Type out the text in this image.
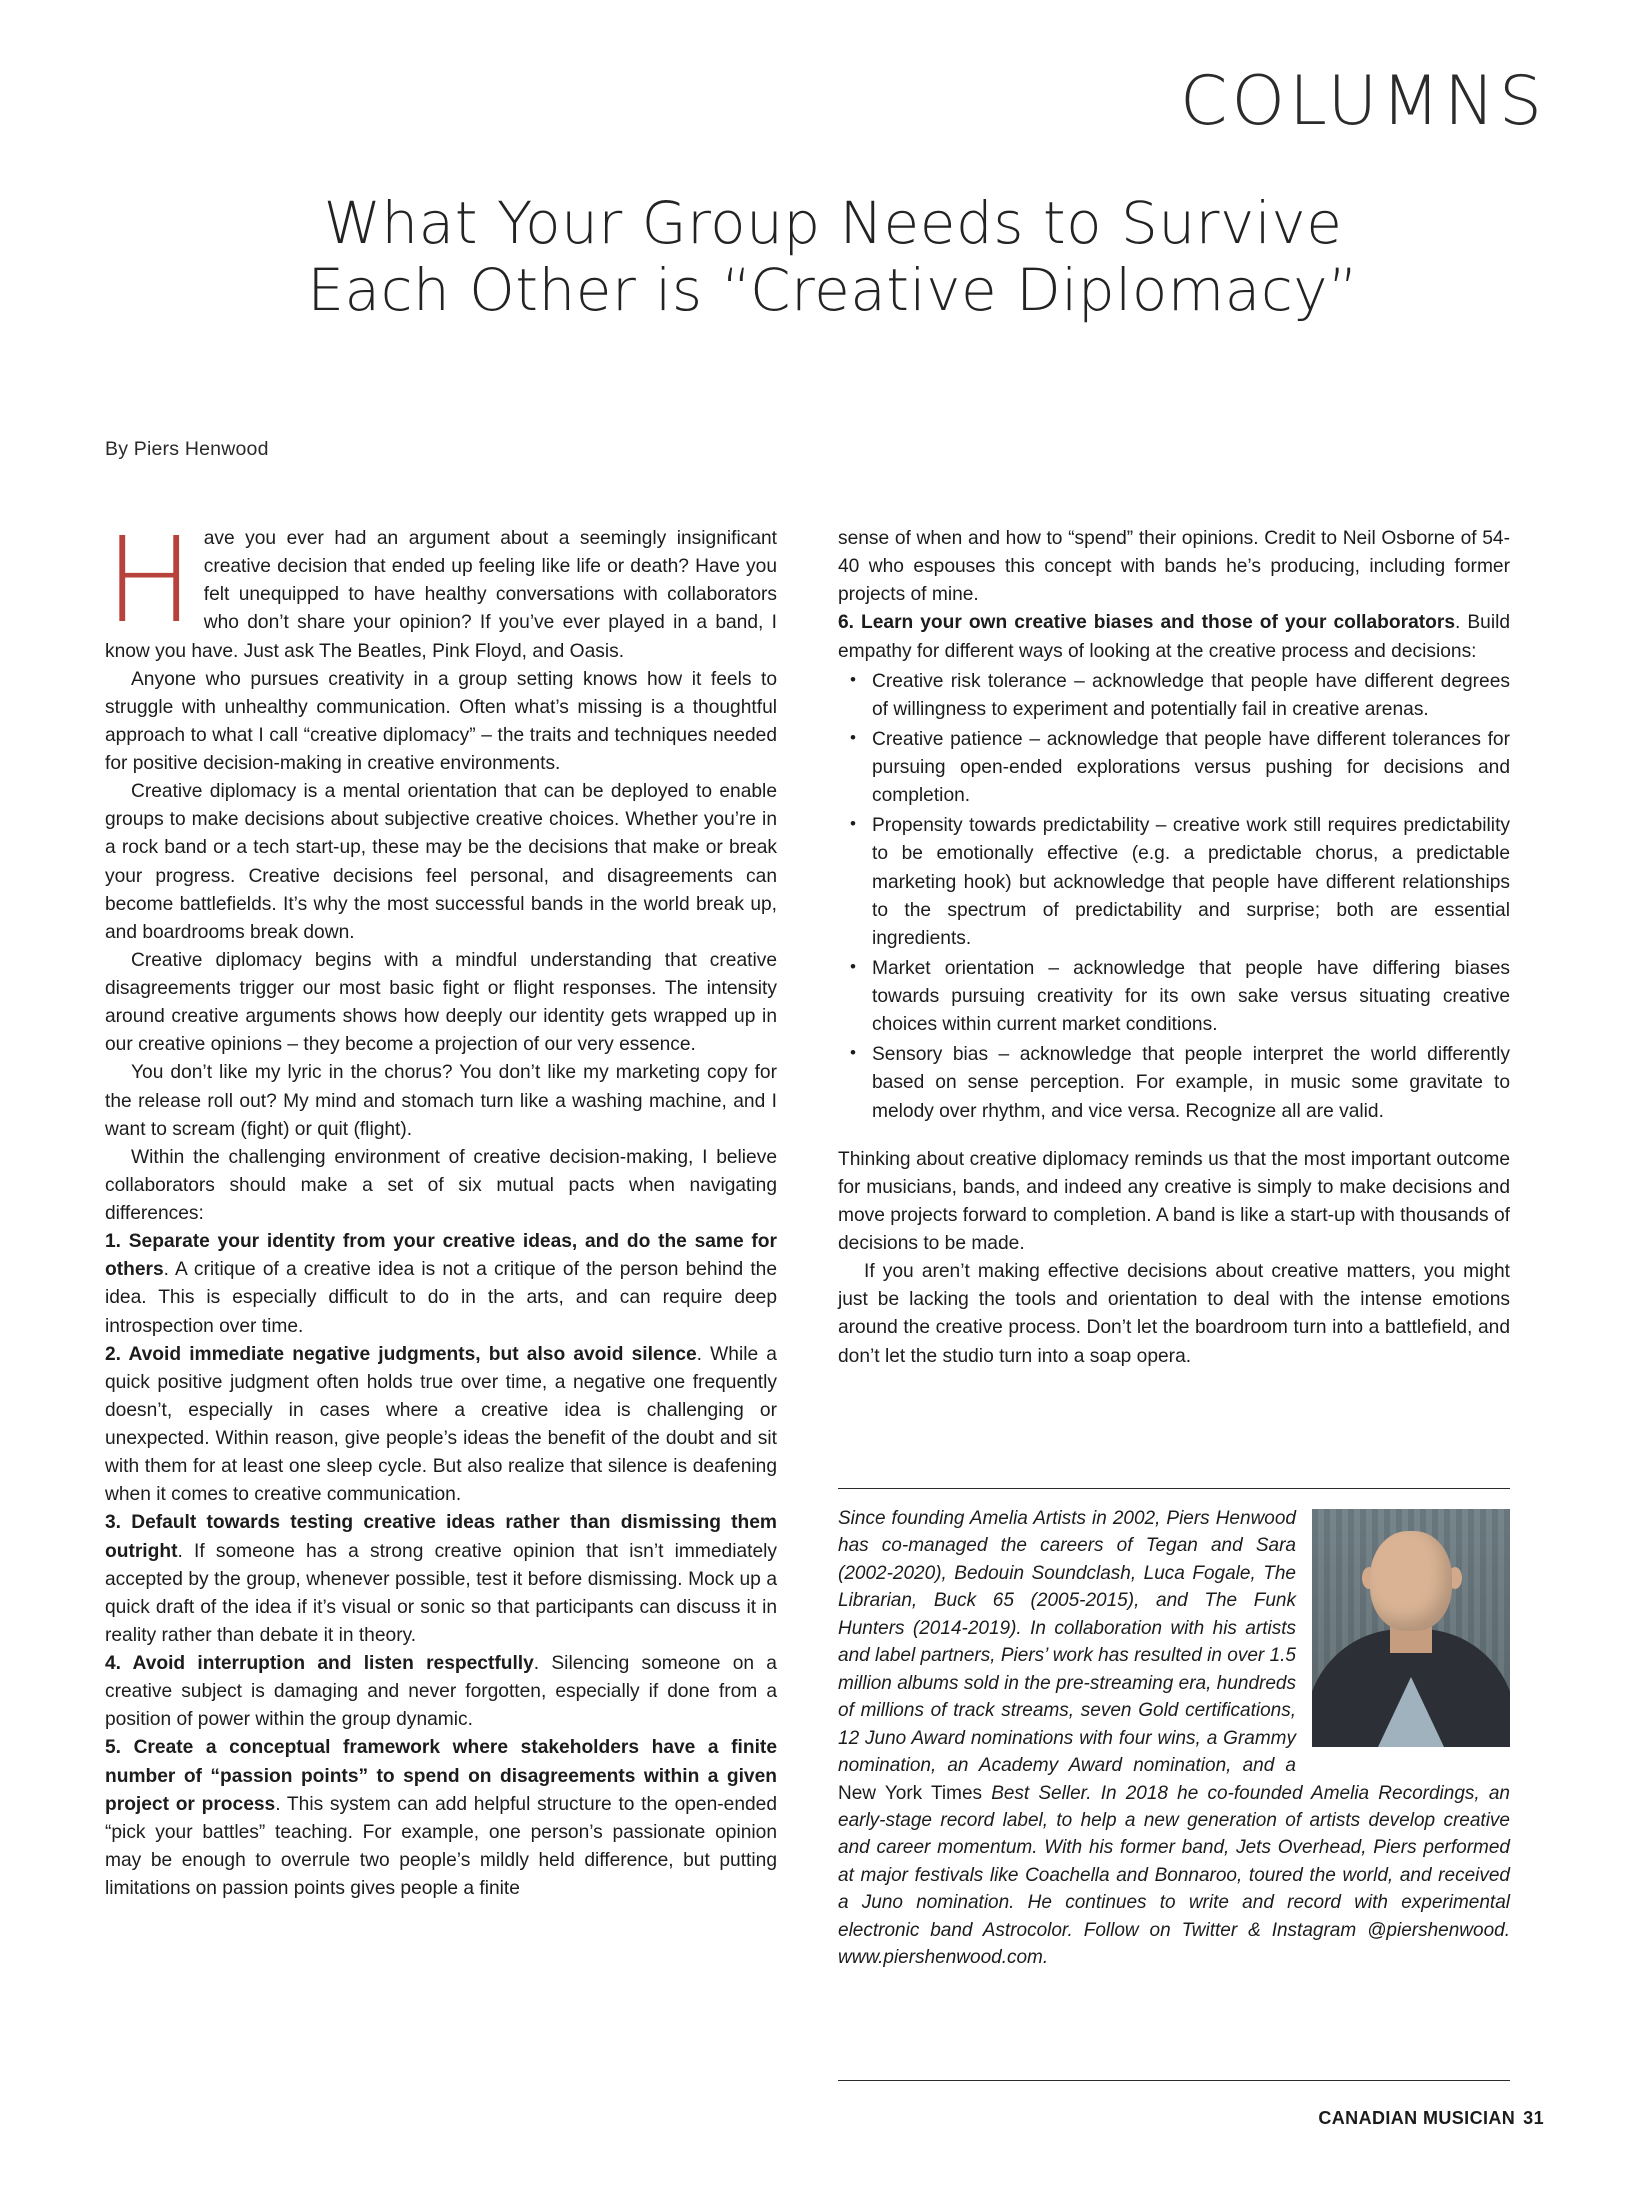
COLUMNS
What Your Group Needs to Survive
Each Other is “Creative Diplomacy”
By Piers Henwood

Have you ever had an argument about a seemingly insignificant creative decision that ended up feeling like life or death? Have you felt unequipped to have healthy conversations with collaborators who don’t share your opinion? If you’ve ever played in a band, I know you have. Just ask The Beatles, Pink Floyd, and Oasis.

Anyone who pursues creativity in a group setting knows how it feels to struggle with unhealthy communication. Often what’s missing is a thoughtful approach to what I call “creative diplomacy” – the traits and techniques needed for positive decision-making in creative environments.

Creative diplomacy is a mental orientation that can be deployed to enable groups to make decisions about subjective creative choices. Whether you’re in a rock band or a tech start-up, these may be the decisions that make or break your progress. Creative decisions feel personal, and disagreements can become battlefields. It’s why the most successful bands in the world break up, and boardrooms break down.

Creative diplomacy begins with a mindful understanding that creative disagreements trigger our most basic fight or flight responses. The intensity around creative arguments shows how deeply our identity gets wrapped up in our creative opinions – they become a projection of our very essence.

You don’t like my lyric in the chorus? You don’t like my marketing copy for the release roll out? My mind and stomach turn like a washing machine, and I want to scream (fight) or quit (flight).

Within the challenging environment of creative decision-making, I believe collaborators should make a set of six mutual pacts when navigating differences:

1. Separate your identity from your creative ideas, and do the same for others. A critique of a creative idea is not a critique of the person behind the idea. This is especially difficult to do in the arts, and can require deep introspection over time.

2. Avoid immediate negative judgments, but also avoid silence. While a quick positive judgment often holds true over time, a negative one frequently doesn’t, especially in cases where a creative idea is challenging or unexpected. Within reason, give people’s ideas the benefit of the doubt and sit with them for at least one sleep cycle. But also realize that silence is deafening when it comes to creative communication.

3. Default towards testing creative ideas rather than dismissing them outright. If someone has a strong creative opinion that isn’t immediately accepted by the group, whenever possible, test it before dismissing. Mock up a quick draft of the idea if it’s visual or sonic so that participants can discuss it in reality rather than debate it in theory.

4. Avoid interruption and listen respectfully. Silencing someone on a creative subject is damaging and never forgotten, especially if done from a position of power within the group dynamic.

5. Create a conceptual framework where stakeholders have a finite number of “passion points” to spend on disagreements within a given project or process. This system can add helpful structure to the open-ended “pick your battles” teaching. For example, one person’s passionate opinion may be enough to overrule two people’s mildly held difference, but putting limitations on passion points gives people a finite

sense of when and how to “spend” their opinions. Credit to Neil Osborne of 54-40 who espouses this concept with bands he’s producing, including former projects of mine.

6. Learn your own creative biases and those of your collaborators. Build empathy for different ways of looking at the creative process and decisions:

• Creative risk tolerance – acknowledge that people have different degrees of willingness to experiment and potentially fail in creative arenas.
• Creative patience – acknowledge that people have different tolerances for pursuing open-ended explorations versus pushing for decisions and completion.
• Propensity towards predictability – creative work still requires predictability to be emotionally effective (e.g. a predictable chorus, a predictable marketing hook) but acknowledge that people have different relationships to the spectrum of predictability and surprise; both are essential ingredients.
• Market orientation – acknowledge that people have differing biases towards pursuing creativity for its own sake versus situating creative choices within current market conditions.
• Sensory bias – acknowledge that people interpret the world differently based on sense perception. For example, in music some gravitate to melody over rhythm, and vice versa. Recognize all are valid.

Thinking about creative diplomacy reminds us that the most important outcome for musicians, bands, and indeed any creative is simply to make decisions and move projects forward to completion. A band is like a start-up with thousands of decisions to be made.

If you aren’t making effective decisions about creative matters, you might just be lacking the tools and orientation to deal with the intense emotions around the creative process. Don’t let the boardroom turn into a battlefield, and don’t let the studio turn into a soap opera.

Since founding Amelia Artists in 2002, Piers Henwood has co-managed the careers of Tegan and Sara (2002-2020), Bedouin Soundclash, Luca Fogale, The Librarian, Buck 65 (2005-2015), and The Funk Hunters (2014-2019). In collaboration with his artists and label partners, Piers’ work has resulted in over 1.5 million albums sold in the pre-streaming era, hundreds of millions of track streams, seven Gold certifications, 12 Juno Award nominations with four wins, a Grammy nomination, an Academy Award nomination, and a New York Times Best Seller. In 2018 he co-founded Amelia Recordings, an early-stage record label, to help a new generation of artists develop creative and career momentum. With his former band, Jets Overhead, Piers performed at major festivals like Coachella and Bonnaroo, toured the world, and received a Juno nomination. He continues to write and record with experimental electronic band Astrocolor. Follow on Twitter & Instagram @piershenwood. www.piershenwood.com.
CANADIAN MUSICIAN 31
